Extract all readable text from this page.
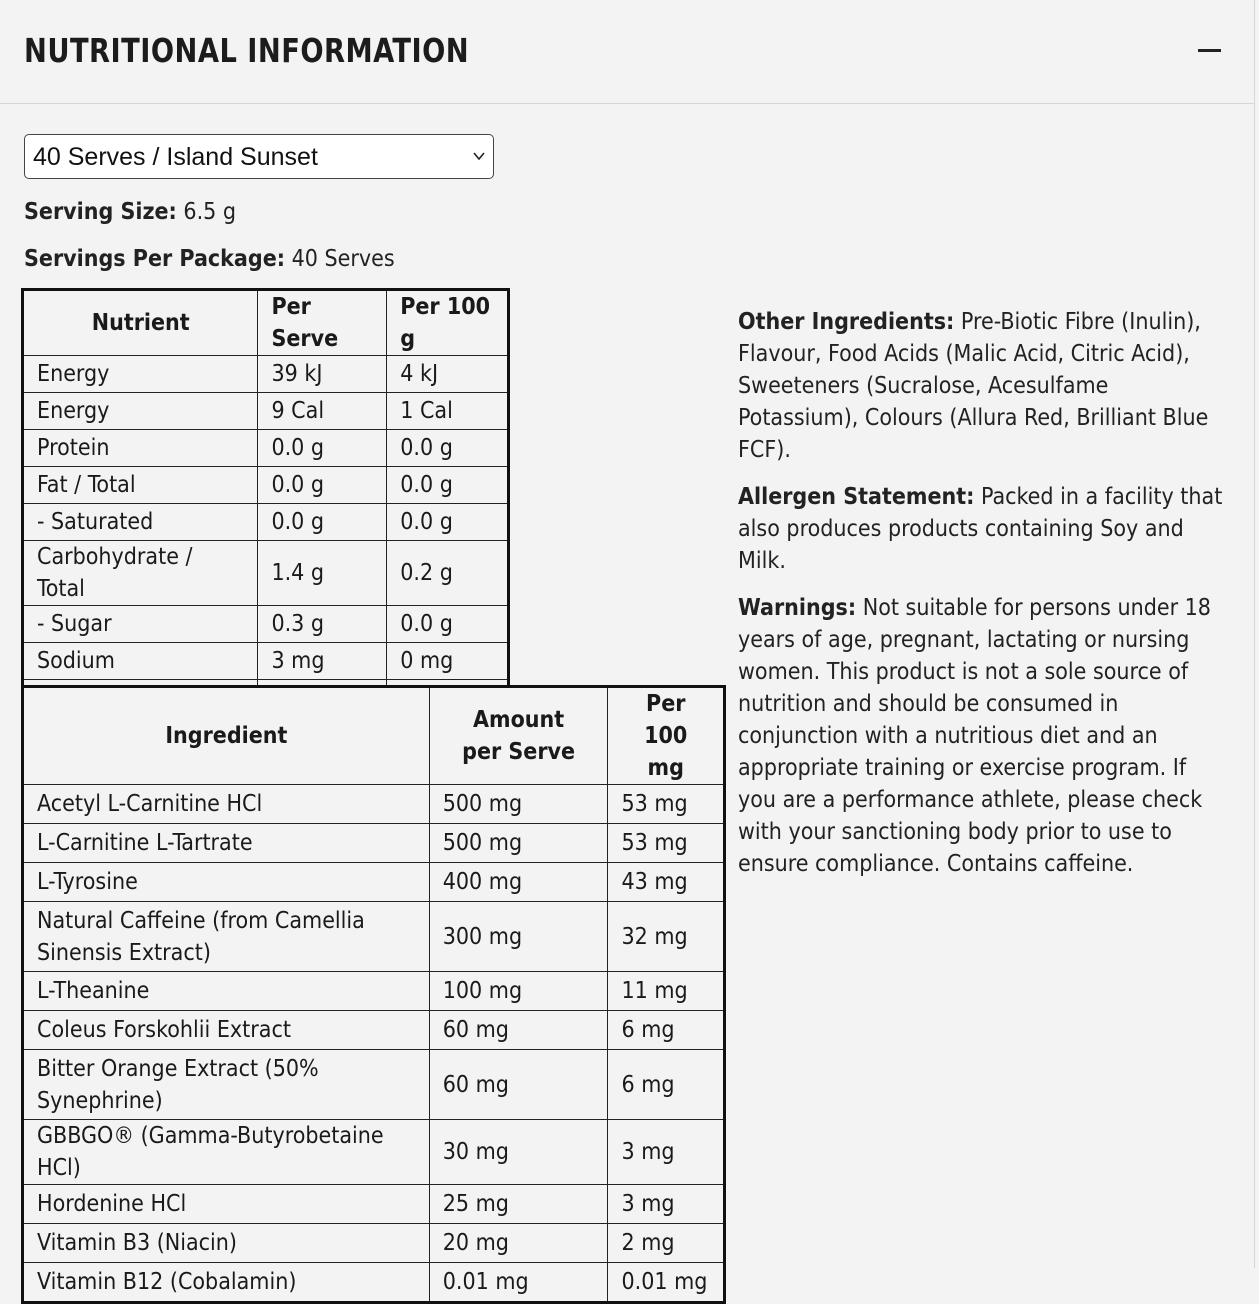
NUTRITIONAL INFORMATION
40 Serves / Island Sunset
Serving Size: 6.5 g
Servings Per Package: 40 Serves
Nutrient	Per Serve	Per 100 g
Energy	39 kJ	4 kJ
Energy	9 Cal	1 Cal
Protein	0.0 g	0.0 g
Fat / Total	0.0 g	0.0 g
- Saturated	0.0 g	0.0 g
Carbohydrate / Total	1.4 g	0.2 g
- Sugar	0.3 g	0.0 g
Sodium	3 mg	0 mg

Ingredient	Amount per Serve	Per 100 mg
Acetyl L-Carnitine HCl	500 mg	53 mg
L-Carnitine L-Tartrate	500 mg	53 mg
L-Tyrosine	400 mg	43 mg
Natural Caffeine (from Camellia Sinensis Extract)	300 mg	32 mg
L-Theanine	100 mg	11 mg
Coleus Forskohlii Extract	60 mg	6 mg
Bitter Orange Extract (50% Synephrine)	60 mg	6 mg
GBBGO® (Gamma-Butyrobetaine HCl)	30 mg	3 mg
Hordenine HCl	25 mg	3 mg
Vitamin B3 (Niacin)	20 mg	2 mg
Vitamin B12 (Cobalamin)	0.01 mg	0.01 mg

Other Ingredients: Pre-Biotic Fibre (Inulin), Flavour, Food Acids (Malic Acid, Citric Acid), Sweeteners (Sucralose, Acesulfame Potassium), Colours (Allura Red, Brilliant Blue FCF).

Allergen Statement: Packed in a facility that also produces products containing Soy and Milk.

Warnings: Not suitable for persons under 18 years of age, pregnant, lactating or nursing women. This product is not a sole source of nutrition and should be consumed in conjunction with a nutritious diet and an appropriate training or exercise program. If you are a performance athlete, please check with your sanctioning body prior to use to ensure compliance. Contains caffeine.
